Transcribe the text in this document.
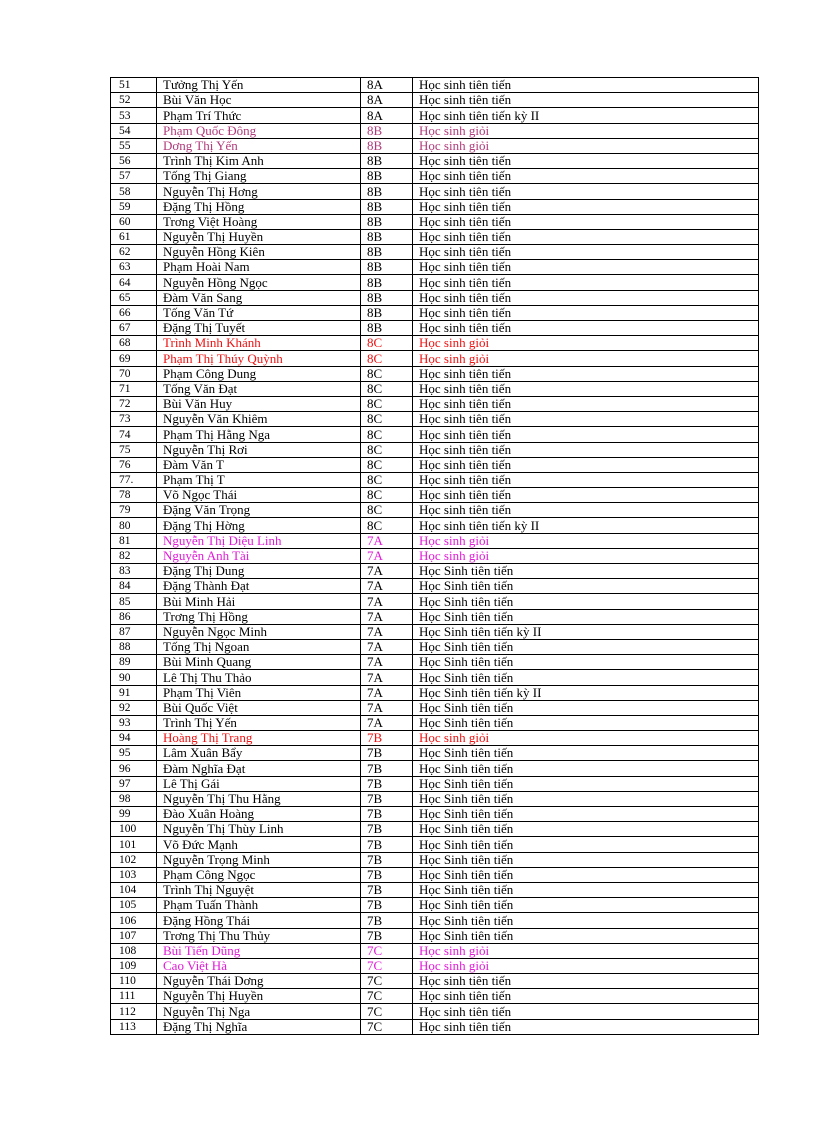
51	Tưởng Thị Yến	8A	Học sinh tiên tiến
52	Bùi Văn Học	8A	Học sinh tiên tiến
53	Phạm Trí Thức	8A	Học sinh tiên tiến kỳ II
54	Phạm Quốc Đông	8B	Học sinh giỏi
55	Dơng Thị Yến	8B	Học sinh giỏi
56	Trình Thị Kim Anh	8B	Học sinh tiên tiến
57	Tống Thị Giang	8B	Học sinh tiên tiến
58	Nguyễn Thị Hơng	8B	Học sinh tiên tiến
59	Đặng Thị Hồng	8B	Học sinh tiên tiến
60	Trơng Việt Hoàng	8B	Học sinh tiên tiến
61	Nguyễn Thị Huyền	8B	Học sinh tiên tiến
62	Nguyễn Hồng Kiên	8B	Học sinh tiên tiến
63	Phạm Hoài Nam	8B	Học sinh tiên tiến
64	Nguyễn Hồng Ngọc	8B	Học sinh tiên tiến
65	Đàm Văn Sang	8B	Học sinh tiên tiến
66	Tống Văn Tứ	8B	Học sinh tiên tiến
67	Đặng Thị Tuyết	8B	Học sinh tiên tiến
68	Trình Minh Khánh	8C	Học sinh giỏi
69	Phạm Thị Thúy Quỳnh	8C	Học sinh giỏi
70	Phạm Công Dung	8C	Học sinh tiên tiến
71	Tống Văn Đạt	8C	Học sinh tiên tiến
72	Bùi Văn Huy	8C	Học sinh tiên tiến
73	Nguyễn Văn Khiêm	8C	Học sinh tiên tiến
74	Phạm Thị Hằng Nga	8C	Học sinh tiên tiến
75	Nguyễn Thị Rơi	8C	Học sinh tiên tiến
76	Đàm Văn T	8C	Học sinh tiên tiến
77.	Phạm Thị T	8C	Học sinh tiên tiến
78	Võ Ngọc Thái	8C	Học sinh tiên tiến
79	Đặng Văn Trọng	8C	Học sinh tiên tiến
80	Đặng Thị Hờng	8C	Học sinh tiên tiến kỳ II
81	Nguyễn Thị Diệu Linh	7A	Học sinh giỏi
82	Nguyễn Anh Tài	7A	Học sinh giỏi
83	Đặng Thị Dung	7A	Học Sinh tiên tiến
84	Đặng Thành Đạt	7A	Học Sinh tiên tiến
85	Bùi Minh Hải	7A	Học Sinh tiên tiến
86	Trơng Thị Hồng	7A	Học Sinh tiên tiến
87	Nguyễn Ngọc Minh	7A	Học Sinh tiên tiến kỳ II
88	Tống Thị Ngoan	7A	Học Sinh tiên tiến
89	Bùi Minh Quang	7A	Học Sinh tiên tiến
90	Lê Thị Thu Thảo	7A	Học Sinh tiên tiến
91	Phạm Thị Viên	7A	Học Sinh tiên tiến kỳ II
92	Bùi Quốc Việt	7A	Học Sinh tiên tiến
93	Trình Thị Yến	7A	Học Sinh tiên tiến
94	Hoàng Thị Trang	7B	Học sinh giỏi
95	Lâm Xuân Bẩy	7B	Học Sinh tiên tiến
96	Đàm Nghĩa Đạt	7B	Học Sinh tiên tiến
97	Lê Thị Gái	7B	Học Sinh tiên tiến
98	Nguyễn Thị Thu Hằng	7B	Học Sinh tiên tiến
99	Đào Xuân Hoàng	7B	Học Sinh tiên tiến
100	Nguyễn Thị Thùy Linh	7B	Học Sinh tiên tiến
101	Võ Đức Mạnh	7B	Học Sinh tiên tiến
102	Nguyễn Trọng Minh	7B	Học Sinh tiên tiến
103	Phạm Công Ngọc	7B	Học Sinh tiên tiến
104	Trình Thị Nguyệt	7B	Học Sinh tiên tiến
105	Phạm Tuấn Thành	7B	Học Sinh tiên tiến
106	Đặng Hồng Thái	7B	Học Sinh tiên tiến
107	Trơng Thị Thu Thủy	7B	Học Sinh tiên tiến
108	Bùi Tiến Dũng	7C	Học sinh giỏi
109	Cao Việt Hà	7C	Học sinh giỏi
110	Nguyễn Thái Dơng	7C	Học sinh tiên tiến
111	Nguyễn Thị Huyền	7C	Học sinh tiên tiến
112	Nguyễn Thị Nga	7C	Học sinh tiên tiến
113	Đặng Thị Nghĩa	7C	Học sinh tiên tiến
